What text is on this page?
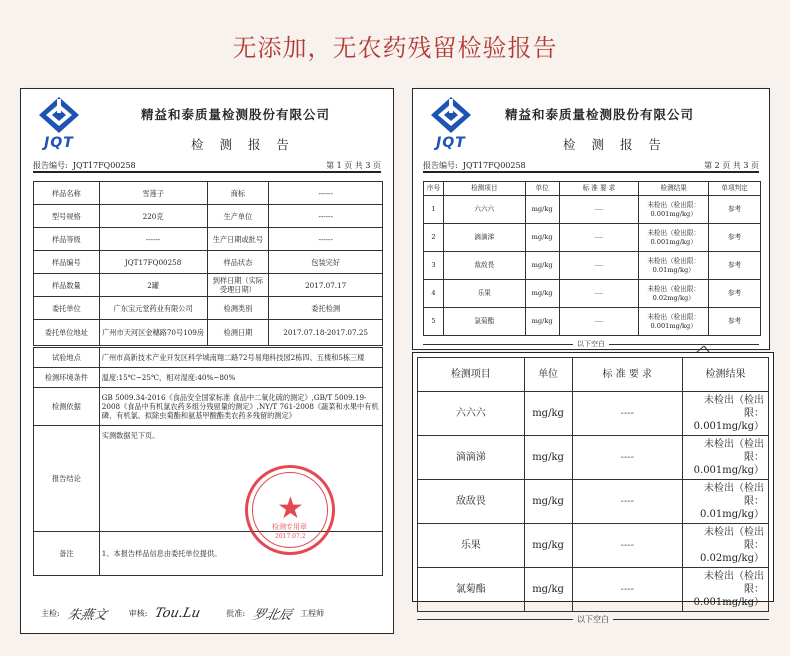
无添加，无农药残留检验报告
JQT
精益和泰质量检测股份有限公司
检 测 报 告
报告编号: JQT17FQ00258	第 1 页 共 3 页
样品名称	雪莲子	商标	------
型号规格	220克	生产单位	------
样品等级	------	生产日期或批号	------
样品编号	JQT17FQ00258	样品状态	包装完好
样品数量	2罐	到样日期（实际受理日期）	2017.07.17
委托单位	广东宝元堂药业有限公司	检测类别	委托检测
委托单位地址	广州市天河区金穗路70号109房	检测日期	2017.07.18-2017.07.25
试验地点	广州市高新技术产业开发区科学城南翔二路72号易翔科技园2栋四、五楼和5栋三楼
检测环境条件	温度:15℃~25℃，相对湿度:40%~80%
检测依据	GB 5009.34-2016《食品安全国家标准 食品中二氧化硫的测定》,GB/T 5009.19-2008《食品中有机氯农药多组分残留量的测定》,NY/T 761-2008《蔬菜和水果中有机磷、有机氯、拟除虫菊酯和氨基甲酸酯类农药多残留的测定》
报告结论	实测数据见下页。
备注	1、本报告样品信息由委托单位提供。
★
检测专用章
2017.07.2
主检: 朱燕文	审核: Tou.Lu	批准: 罗北辰 工程师
JQT
精益和泰质量检测股份有限公司
检 测 报 告
报告编号: JQT17FQ00258	第 2 页 共 3 页
序号	检测项目	单位	标 准 要 求	检测结果	单项判定
1	六六六	mg/kg	----	未检出（检出限：0.001mg/kg）	参考
2	滴滴涕	mg/kg	----	未检出（检出限：0.001mg/kg）	参考
3	敌敌畏	mg/kg	----	未检出（检出限：0.01mg/kg）	参考
4	乐果	mg/kg	----	未检出（检出限：0.02mg/kg）	参考
5	氯菊酯	mg/kg	----	未检出（检出限：0.001mg/kg）	参考
以下空白
检测项目	单位	标 准 要 求	检测结果
六六六	mg/kg	----	未检出（检出
限：
0.001mg/kg）

滴滴涕	mg/kg	----	未检出（检出
限：
0.001mg/kg）

敌敌畏	mg/kg	----	未检出（检出
限：0.01mg/kg）

乐果	mg/kg	----	未检出（检出
限：0.02mg/kg）

氯菊酯	mg/kg	----	未检出（检出
限：
0.001mg/kg）
以下空白
